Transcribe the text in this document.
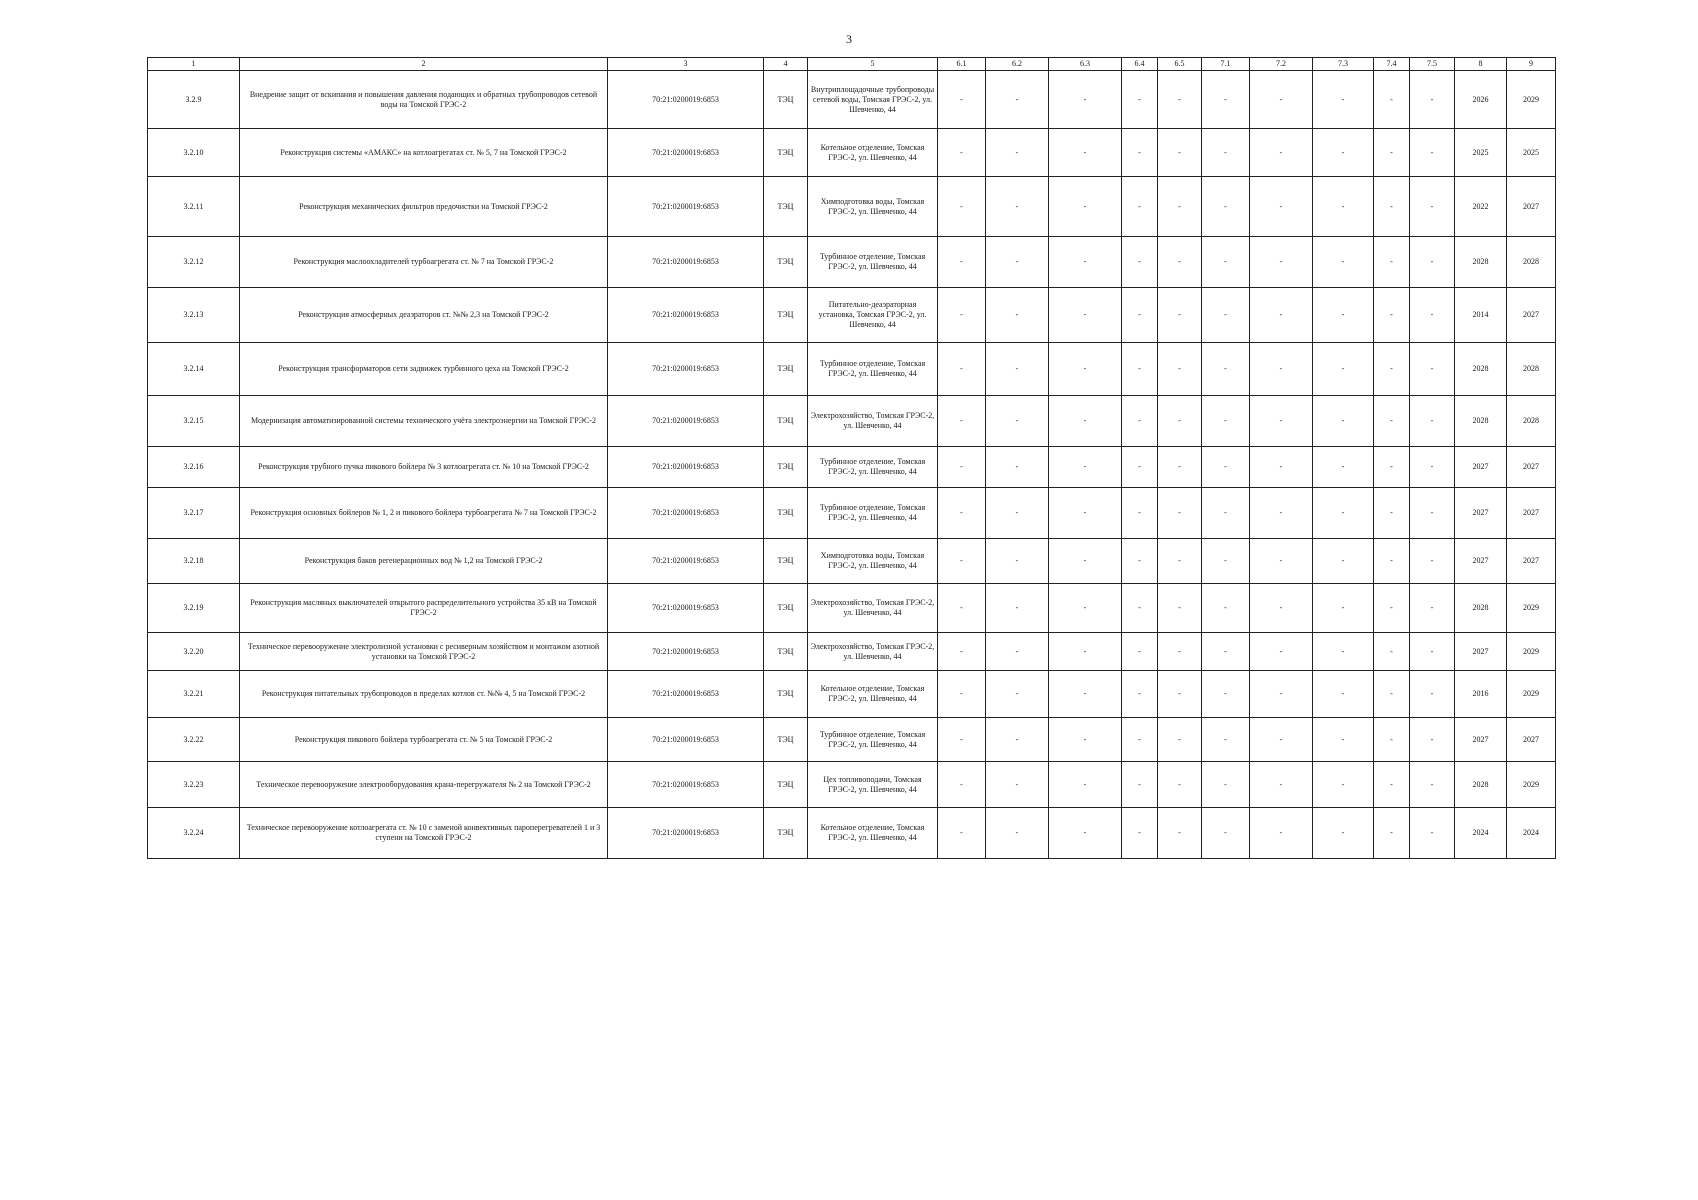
3
1	2	3	4	5	6.1	6.2	6.3	6.4	6.5	7.1	7.2	7.3	7.4	7.5	8	9
3.2.9	Внедрение защит от вскипания и повышения давления подающих и обратных трубопроводов сетевой воды на Томской ГРЭС-2	70:21:0200019:6853	ТЭЦ	Внутриплощадочные трубопроводы сетевой воды, Томская ГРЭС-2, ул. Шевченко, 44	-	-	-	-	-	-	-	-	-	-	2026	2029
3.2.10	Реконструкция системы «АМАКС» на котлоагрегатах ст. № 5, 7 на Томской ГРЭС-2	70:21:0200019:6853	ТЭЦ	Котельное отделение, Томская ГРЭС-2, ул. Шевченко, 44	-	-	-	-	-	-	-	-	-	-	2025	2025
3.2.11	Реконструкция механических фильтров предочистки на Томской ГРЭС-2	70:21:0200019:6853	ТЭЦ	Химподготовка воды, Томская ГРЭС-2, ул. Шевченко, 44	-	-	-	-	-	-	-	-	-	-	2022	2027
3.2.12	Реконструкция маслоохладителей турбоагрегата ст. № 7 на Томской ГРЭС-2	70:21:0200019:6853	ТЭЦ	Турбинное отделение, Томская ГРЭС-2, ул. Шевченко, 44	-	-	-	-	-	-	-	-	-	-	2028	2028
3.2.13	Реконструкция атмосферных деаэраторов ст. №№ 2,3 на Томской ГРЭС-2	70:21:0200019:6853	ТЭЦ	Питательно-деаэраторная установка, Томская ГРЭС-2, ул. Шевченко, 44	-	-	-	-	-	-	-	-	-	-	2014	2027
3.2.14	Реконструкция трансформаторов сети задвижек турбинного цеха на Томской ГРЭС-2	70:21:0200019:6853	ТЭЦ	Турбинное отделение, Томская ГРЭС-2, ул. Шевченко, 44	-	-	-	-	-	-	-	-	-	-	2028	2028
3.2.15	Модернизация автоматизированной системы технического учёта электроэнергии на Томской ГРЭС-2	70:21:0200019:6853	ТЭЦ	Электрохозяйство, Томская ГРЭС-2, ул. Шевченко, 44	-	-	-	-	-	-	-	-	-	-	2028	2028
3.2.16	Реконструкция трубного пучка пикового бойлера № 3 котлоагрегата ст. № 10 на Томской ГРЭС-2	70:21:0200019:6853	ТЭЦ	Турбинное отделение, Томская ГРЭС-2, ул. Шевченко, 44	-	-	-	-	-	-	-	-	-	-	2027	2027
3.2.17	Реконструкция основных бойлеров № 1, 2 и пикового бойлера турбоагрегата № 7 на Томской ГРЭС-2	70:21:0200019:6853	ТЭЦ	Турбинное отделение, Томская ГРЭС-2, ул. Шевченко, 44	-	-	-	-	-	-	-	-	-	-	2027	2027
3.2.18	Реконструкция баков регенерационных вод № 1,2 на Томской ГРЭС-2	70:21:0200019:6853	ТЭЦ	Химподготовка воды, Томская ГРЭС-2, ул. Шевченко, 44	-	-	-	-	-	-	-	-	-	-	2027	2027
3.2.19	Реконструкция масляных выключателей открытого распределительного устройства 35 кВ на Томской ГРЭС-2	70:21:0200019:6853	ТЭЦ	Электрохозяйство, Томская ГРЭС-2, ул. Шевченко, 44	-	-	-	-	-	-	-	-	-	-	2028	2029
3.2.20	Техническое перевооружение электролизной установки с ресиверным хозяйством и монтажом азотной установки на Томской ГРЭС-2	70:21:0200019:6853	ТЭЦ	Электрохозяйство, Томская ГРЭС-2, ул. Шевченко, 44	-	-	-	-	-	-	-	-	-	-	2027	2029
3.2.21	Реконструкция питательных трубопроводов в пределах котлов ст. №№ 4, 5 на Томской ГРЭС-2	70:21:0200019:6853	ТЭЦ	Котельное отделение, Томская ГРЭС-2, ул. Шевченко, 44	-	-	-	-	-	-	-	-	-	-	2016	2029
3.2.22	Реконструкция пикового бойлера турбоагрегата ст. № 5 на Томской ГРЭС-2	70:21:0200019:6853	ТЭЦ	Турбинное отделение, Томская ГРЭС-2, ул. Шевченко, 44	-	-	-	-	-	-	-	-	-	-	2027	2027
3.2.23	Техническое перевооружение электрооборудования крана-перегружателя № 2 на Томской ГРЭС-2	70:21:0200019:6853	ТЭЦ	Цех топливоподачи, Томская ГРЭС-2, ул. Шевченко, 44	-	-	-	-	-	-	-	-	-	-	2028	2029
3.2.24	Техническое перевооружение котлоагрегата ст. № 10 с заменой конвективных пароперегревателей 1 и 3 ступени на Томской ГРЭС-2	70:21:0200019:6853	ТЭЦ	Котельное отделение, Томская ГРЭС-2, ул. Шевченко, 44	-	-	-	-	-	-	-	-	-	-	2024	2024
